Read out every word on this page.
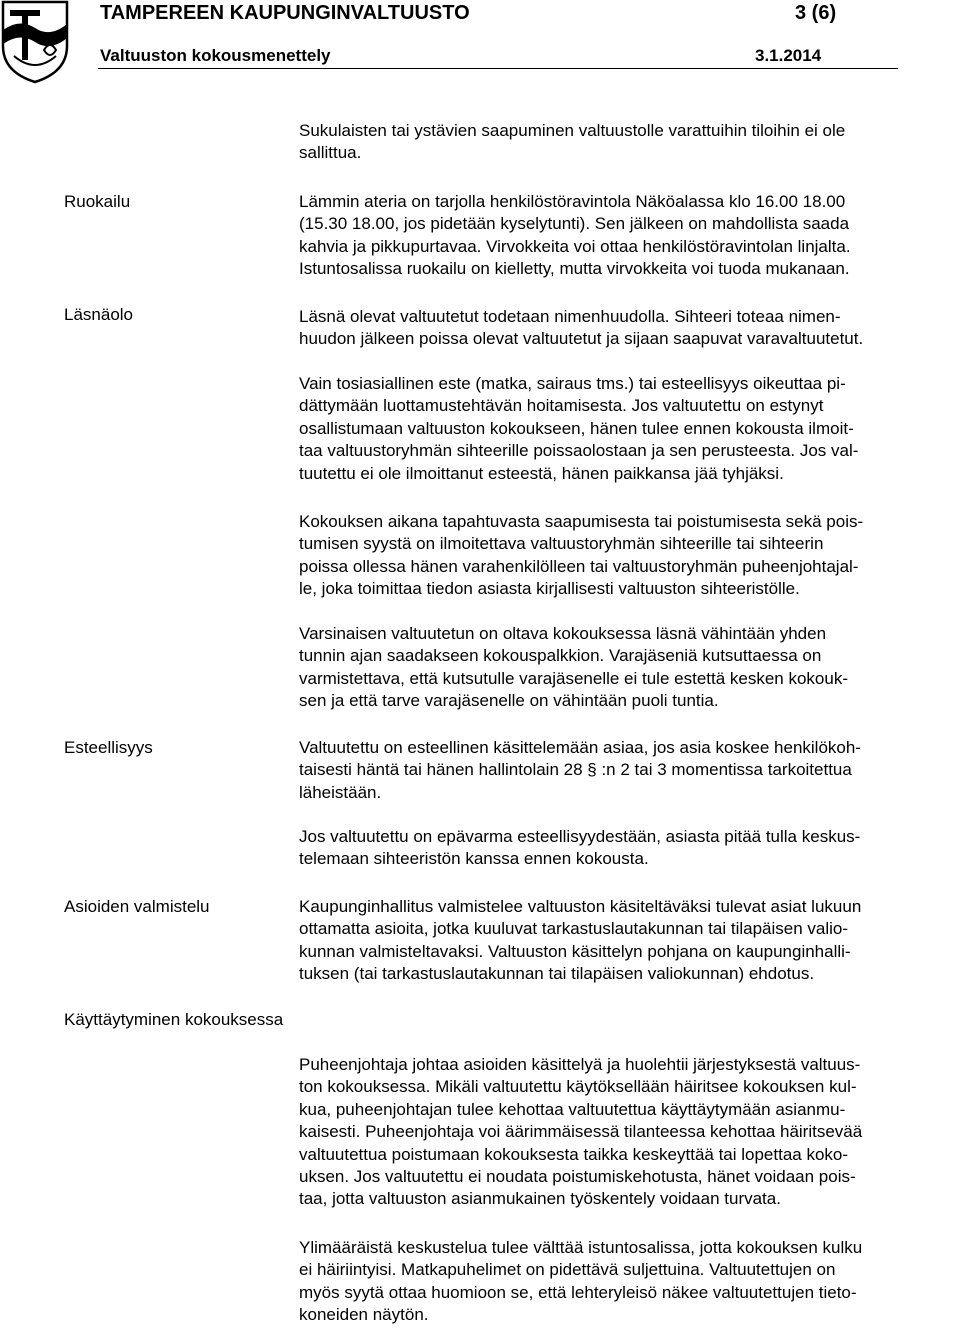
TAMPEREEN KAUPUNGINVALTUUSTO	3 (6)
Valtuuston kokousmenettely	3.1.2014
Sukulaisten tai ystävien saapuminen valtuustolle varattuihin tiloihin ei ole
sallittua.
Ruokailu	Lämmin ateria on tarjolla henkilöstöravintola Näköalassa klo 16.00 18.00
(15.30 18.00, jos pidetään kyselytunti). Sen jälkeen on mahdollista saada
kahvia ja pikkupurtavaa. Virvokkeita voi ottaa henkilöstöravintolan linjalta.
Istuntosalissa ruokailu on kielletty, mutta virvokkeita voi tuoda mukanaan.
Läsnäolo	Läsnä olevat valtuutetut todetaan nimenhuudolla. Sihteeri toteaa nimen-
huudon jälkeen poissa olevat valtuutetut ja sijaan saapuvat varavaltuutetut.
Vain tosiasiallinen este (matka, sairaus tms.) tai esteellisyys oikeuttaa pi-
dättymään luottamustehtävän hoitamisesta. Jos valtuutettu on estynyt
osallistumaan valtuuston kokoukseen, hänen tulee ennen kokousta ilmoit-
taa valtuustoryhmän sihteerille poissaolostaan ja sen perusteesta. Jos val-
tuutettu ei ole ilmoittanut esteestä, hänen paikkansa jää tyhjäksi.
Kokouksen aikana tapahtuvasta saapumisesta tai poistumisesta sekä pois-
tumisen syystä on ilmoitettava valtuustoryhmän sihteerille tai sihteerin
poissa ollessa hänen varahenkilölleen tai valtuustoryhmän puheenjohtajal-
le, joka toimittaa tiedon asiasta kirjallisesti valtuuston sihteeristölle.
Varsinaisen valtuutetun on oltava kokouksessa läsnä vähintään yhden
tunnin ajan saadakseen kokouspalkkion. Varajäseniä kutsuttaessa on
varmistettava, että kutsutulle varajäsenelle ei tule estettä kesken kokouk-
sen ja että tarve varajäsenelle on vähintään puoli tuntia.
Esteellisyys	Valtuutettu on esteellinen käsittelemään asiaa, jos asia koskee henkilökoh-
taisesti häntä tai hänen hallintolain 28 § :n 2 tai 3 momentissa tarkoitettua
läheistään.
Jos valtuutettu on epävarma esteellisyydestään, asiasta pitää tulla keskus-
telemaan sihteeristön kanssa ennen kokousta.
Asioiden valmistelu	Kaupunginhallitus valmistelee valtuuston käsiteltäväksi tulevat asiat lukuun
ottamatta asioita, jotka kuuluvat tarkastuslautakunnan tai tilapäisen valio-
kunnan valmisteltavaksi. Valtuuston käsittelyn pohjana on kaupunginhalli-
tuksen (tai tarkastuslautakunnan tai tilapäisen valiokunnan) ehdotus.
Käyttäytyminen kokouksessa
Puheenjohtaja johtaa asioiden käsittelyä ja huolehtii järjestyksestä valtuus-
ton kokouksessa. Mikäli valtuutettu käytöksellään häiritsee kokouksen kul-
kua, puheenjohtajan tulee kehottaa valtuutettua käyttäytymään asianmu-
kaisesti. Puheenjohtaja voi äärimmäisessä tilanteessa kehottaa häiritsevää
valtuutettua poistumaan kokouksesta taikka keskeyttää tai lopettaa koko-
uksen. Jos valtuutettu ei noudata poistumiskehotusta, hänet voidaan pois-
taa, jotta valtuuston asianmukainen työskentely voidaan turvata.
Ylimääräistä keskustelua tulee välttää istuntosalissa, jotta kokouksen kulku
ei häiriintyisi. Matkapuhelimet on pidettävä suljettuina. Valtuutettujen on
myös syytä ottaa huomioon se, että lehteryleisö näkee valtuutettujen tieto-
koneiden näytön.
